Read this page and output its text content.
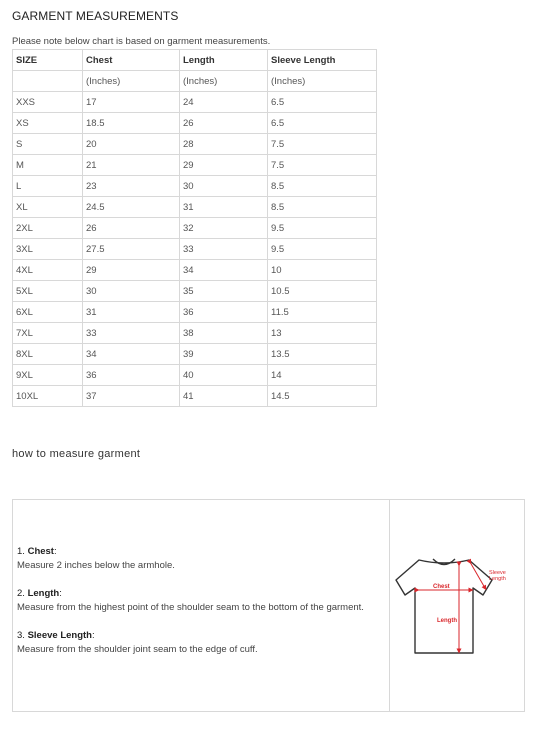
GARMENT MEASUREMENTS
Please note below chart is based on garment measurements.
SIZE	Chest	Length	Sleeve Length
	(Inches)	(Inches)	(Inches)
XXS	17	24	6.5
XS	18.5	26	6.5
S	20	28	7.5
M	21	29	7.5
L	23	30	8.5
XL	24.5	31	8.5
2XL	26	32	9.5
3XL	27.5	33	9.5
4XL	29	34	10
5XL	30	35	10.5
6XL	31	36	11.5
7XL	33	38	13
8XL	34	39	13.5
9XL	36	40	14
10XL	37	41	14.5
how to measure garment
1. Chest:
Measure 2 inches below the armhole.
2. Length:
Measure from the highest point of the shoulder seam to the bottom of the garment.
3. Sleeve Length:
Measure from the shoulder joint seam to the edge of cuff.
Chest
Length
Sleeve
Length
